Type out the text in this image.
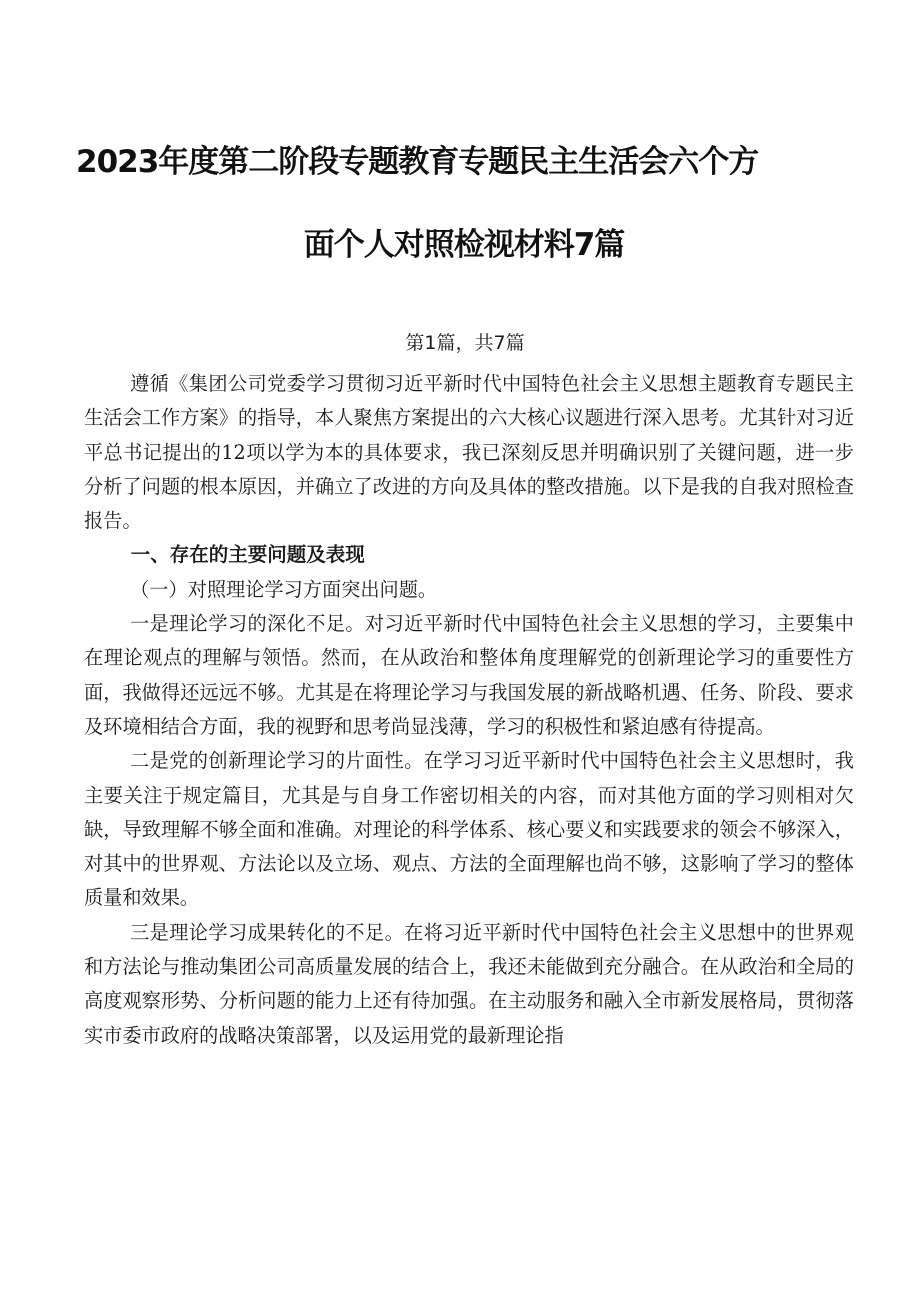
2023年度第二阶段专题教育专题民主生活会六个方
面个人对照检视材料7篇
第1篇，共7篇

遵循《集团公司党委学习贯彻习近平新时代中国特色社会主义思想主题教育专题民主生活会工作方案》的指导，本人聚焦方案提出的六大核心议题进行深入思考。尤其针对习近平总书记提出的12项以学为本的具体要求，我已深刻反思并明确识别了关键问题，进一步分析了问题的根本原因，并确立了改进的方向及具体的整改措施。以下是我的自我对照检查报告。

一、存在的主要问题及表现

（一）对照理论学习方面突出问题。

一是理论学习的深化不足。对习近平新时代中国特色社会主义思想的学习，主要集中在理论观点的理解与领悟。然而，在从政治和整体角度理解党的创新理论学习的重要性方面，我做得还远远不够。尤其是在将理论学习与我国发展的新战略机遇、任务、阶段、要求及环境相结合方面，我的视野和思考尚显浅薄，学习的积极性和紧迫感有待提高。

二是党的创新理论学习的片面性。在学习习近平新时代中国特色社会主义思想时，我主要关注于规定篇目，尤其是与自身工作密切相关的内容，而对其他方面的学习则相对欠缺，导致理解不够全面和准确。对理论的科学体系、核心要义和实践要求的领会不够深入，对其中的世界观、方法论以及立场、观点、方法的全面理解也尚不够，这影响了学习的整体质量和效果。

三是理论学习成果转化的不足。在将习近平新时代中国特色社会主义思想中的世界观和方法论与推动集团公司高质量发展的结合上，我还未能做到充分融合。在从政治和全局的高度观察形势、分析问题的能力上还有待加强。在主动服务和融入全市新发展格局，贯彻落实市委市政府的战略决策部署，以及运用党的最新理论指
